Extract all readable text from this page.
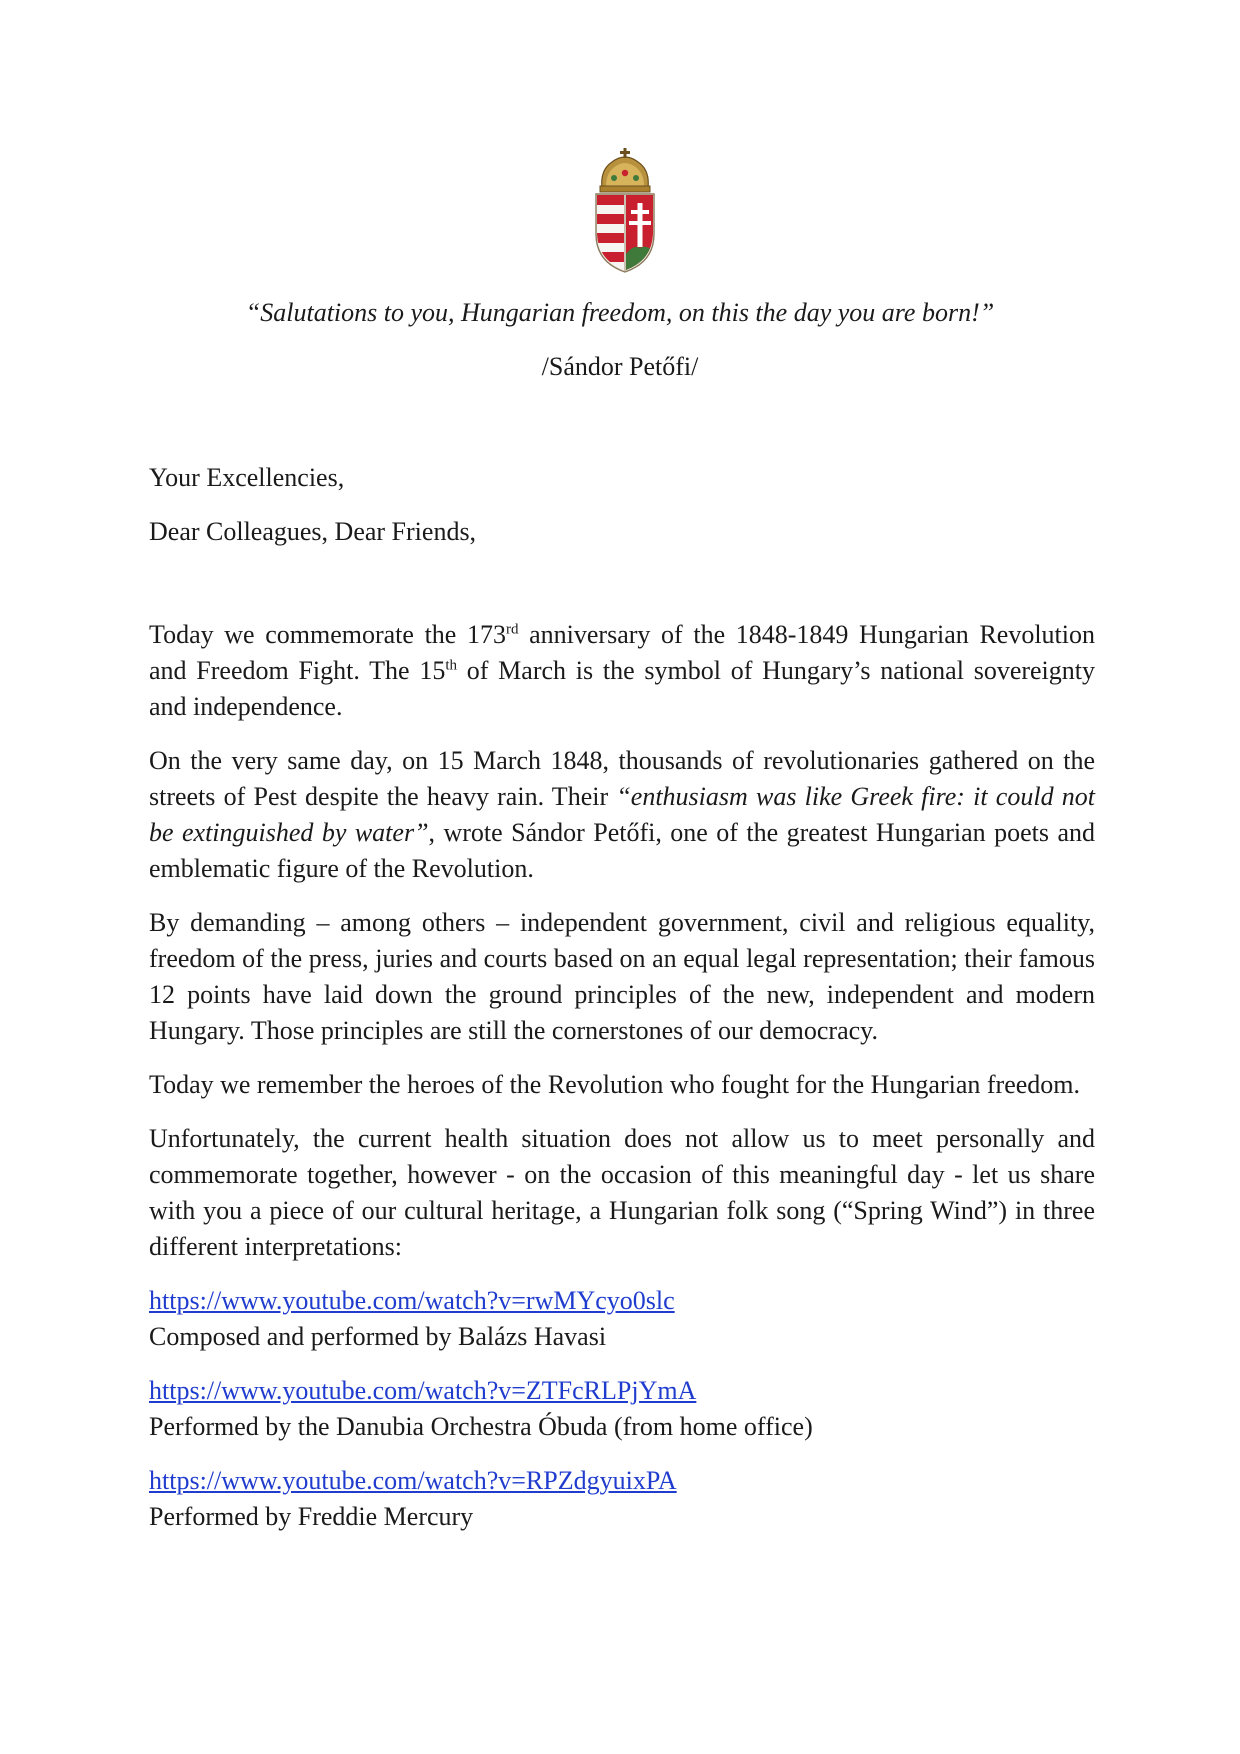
“Salutations to you, Hungarian freedom, on this the day you are born!”
/Sándor Petőfi/
Your Excellencies,
Dear Colleagues, Dear Friends,

Today we commemorate the 173rd anniversary of the 1848-1849 Hungarian Revolution and Freedom Fight. The 15th of March is the symbol of Hungary’s national sovereignty and independence.

On the very same day, on 15 March 1848, thousands of revolutionaries gathered on the streets of Pest despite the heavy rain. Their “enthusiasm was like Greek fire: it could not be extinguished by water”, wrote Sándor Petőfi, one of the greatest Hungarian poets and emblematic figure of the Revolution.

By demanding – among others – independent government, civil and religious equality, freedom of the press, juries and courts based on an equal legal representation; their famous 12 points have laid down the ground principles of the new, independent and modern Hungary. Those principles are still the cornerstones of our democracy.

Today we remember the heroes of the Revolution who fought for the Hungarian freedom.

Unfortunately, the current health situation does not allow us to meet personally and commemorate together, however - on the occasion of this meaningful day - let us share with you a piece of our cultural heritage, a Hungarian folk song (“Spring Wind”) in three different interpretations:

https://www.youtube.com/watch?v=rwMYcyo0slc
Composed and performed by Balázs Havasi
https://www.youtube.com/watch?v=ZTFcRLPjYmA
Performed by the Danubia Orchestra Óbuda (from home office)
https://www.youtube.com/watch?v=RPZdgyuixPA
Performed by Freddie Mercury
